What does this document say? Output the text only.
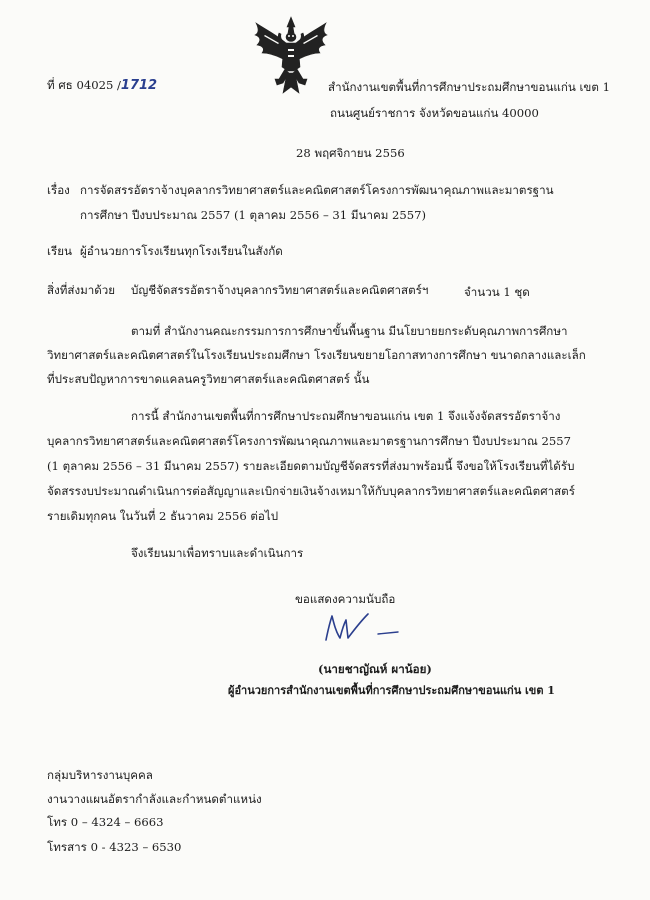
ที่ ศธ 04025 /1712	สำนักงานเขตพื้นที่การศึกษาประถมศึกษาขอนแก่น เขต 1
ถนนศูนย์ราชการ จังหวัดขอนแก่น 40000
28 พฤศจิกายน 2556
เรื่อง การจัดสรรอัตราจ้างบุคลากรวิทยาศาสตร์และคณิตศาสตร์โครงการพัฒนาคุณภาพและมาตรฐาน
การศึกษา ปีงบประมาณ 2557 (1 ตุลาคม 2556 – 31 มีนาคม 2557)
เรียน ผู้อำนวยการโรงเรียนทุกโรงเรียนในสังกัด
สิ่งที่ส่งมาด้วย บัญชีจัดสรรอัตราจ้างบุคลากรวิทยาศาสตร์และคณิตศาสตร์ฯ	จำนวน 1 ชุด
ตามที่ สำนักงานคณะกรรมการการศึกษาขั้นพื้นฐาน มีนโยบายยกระดับคุณภาพการศึกษา
วิทยาศาสตร์และคณิตศาสตร์ในโรงเรียนประถมศึกษา โรงเรียนขยายโอกาสทางการศึกษา ขนาดกลางและเล็ก
ที่ประสบปัญหาการขาดแคลนครูวิทยาศาสตร์และคณิตศาสตร์ นั้น
การนี้ สำนักงานเขตพื้นที่การศึกษาประถมศึกษาขอนแก่น เขต 1 จึงแจ้งจัดสรรอัตราจ้าง
บุคลากรวิทยาศาสตร์และคณิตศาสตร์โครงการพัฒนาคุณภาพและมาตรฐานการศึกษา ปีงบประมาณ 2557
(1 ตุลาคม 2556 – 31 มีนาคม 2557) รายละเอียดตามบัญชีจัดสรรที่ส่งมาพร้อมนี้ จึงขอให้โรงเรียนที่ได้รับ
จัดสรรงบประมาณดำเนินการต่อสัญญาและเบิกจ่ายเงินจ้างเหมาให้กับบุคลากรวิทยาศาสตร์และคณิตศาสตร์
รายเดิมทุกคน ในวันที่ 2 ธันวาคม 2556 ต่อไป
จึงเรียนมาเพื่อทราบและดำเนินการ
ขอแสดงความนับถือ
(นายชาญัณห์ ผาน้อย)
ผู้อำนวยการสำนักงานเขตพื้นที่การศึกษาประถมศึกษาขอนแก่น เขต 1
กลุ่มบริหารงานบุคคล
งานวางแผนอัตรากำลังและกำหนดตำแหน่ง
โทร 0 – 4324 – 6663
โทรสาร 0 - 4323 – 6530
